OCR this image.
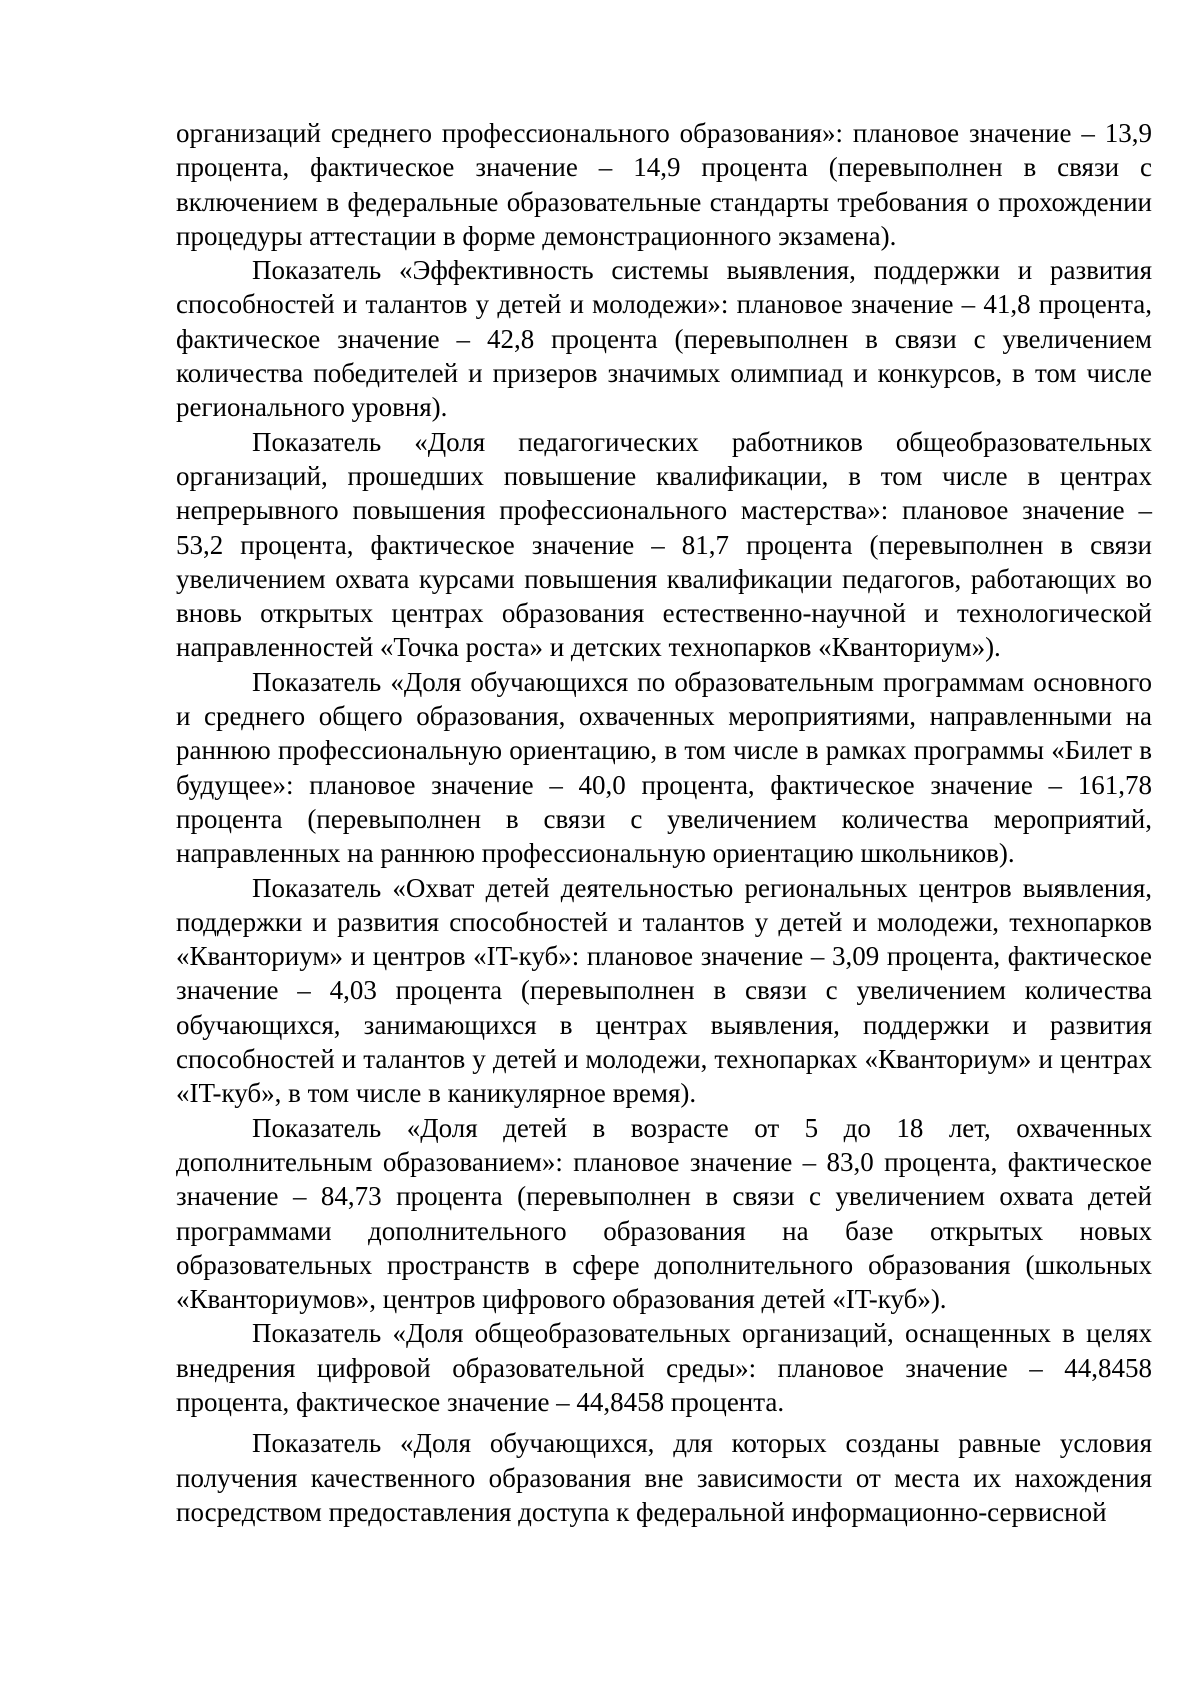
организаций среднего профессионального образования»: плановое значение – 13,9 процента, фактическое значение – 14,9 процента (перевыполнен в связи с включением в федеральные образовательные стандарты требования о прохождении процедуры аттестации в форме демонстрационного экзамена).

Показатель «Эффективность системы выявления, поддержки и развития способностей и талантов у детей и молодежи»: плановое значение – 41,8 процента, фактическое значение – 42,8 процента (перевыполнен в связи с увеличением количества победителей и призеров значимых олимпиад и конкурсов, в том числе регионального уровня).

Показатель «Доля педагогических работников общеобразовательных организаций, прошедших повышение квалификации, в том числе в центрах непрерывного повышения профессионального мастерства»: плановое значение – 53,2 процента, фактическое значение – 81,7 процента (перевыполнен в связи увеличением охвата курсами повышения квалификации педагогов, работающих во вновь открытых центрах образования естественно-научной и технологической направленностей «Точка роста» и детских технопарков «Кванториум»).

Показатель «Доля обучающихся по образовательным программам основного и среднего общего образования, охваченных мероприятиями, направленными на раннюю профессиональную ориентацию, в том числе в рамках программы «Билет в будущее»: плановое значение – 40,0 процента, фактическое значение – 161,78 процента (перевыполнен в связи с увеличением количества мероприятий, направленных на раннюю профессиональную ориентацию школьников).

Показатель «Охват детей деятельностью региональных центров выявления, поддержки и развития способностей и талантов у детей и молодежи, технопарков «Кванториум» и центров «IT-куб»: плановое значение – 3,09 процента, фактическое значение – 4,03 процента (перевыполнен в связи с увеличением количества обучающихся, занимающихся в центрах выявления, поддержки и развития способностей и талантов у детей и молодежи, технопарках «Кванториум» и центрах «IT-куб», в том числе в каникулярное время).

Показатель «Доля детей в возрасте от 5 до 18 лет, охваченных дополнительным образованием»: плановое значение – 83,0 процента, фактическое значение – 84,73 процента (перевыполнен в связи с увеличением охвата детей программами дополнительного образования на базе открытых новых образовательных пространств в сфере дополнительного образования (школьных «Кванториумов», центров цифрового образования детей «IT-куб»).

Показатель «Доля общеобразовательных организаций, оснащенных в целях внедрения цифровой образовательной среды»: плановое значение – 44,8458 процента, фактическое значение – 44,8458 процента.

Показатель «Доля обучающихся, для которых созданы равные условия получения качественного образования вне зависимости от места их нахождения посредством предоставления доступа к федеральной информационно-сервисной
